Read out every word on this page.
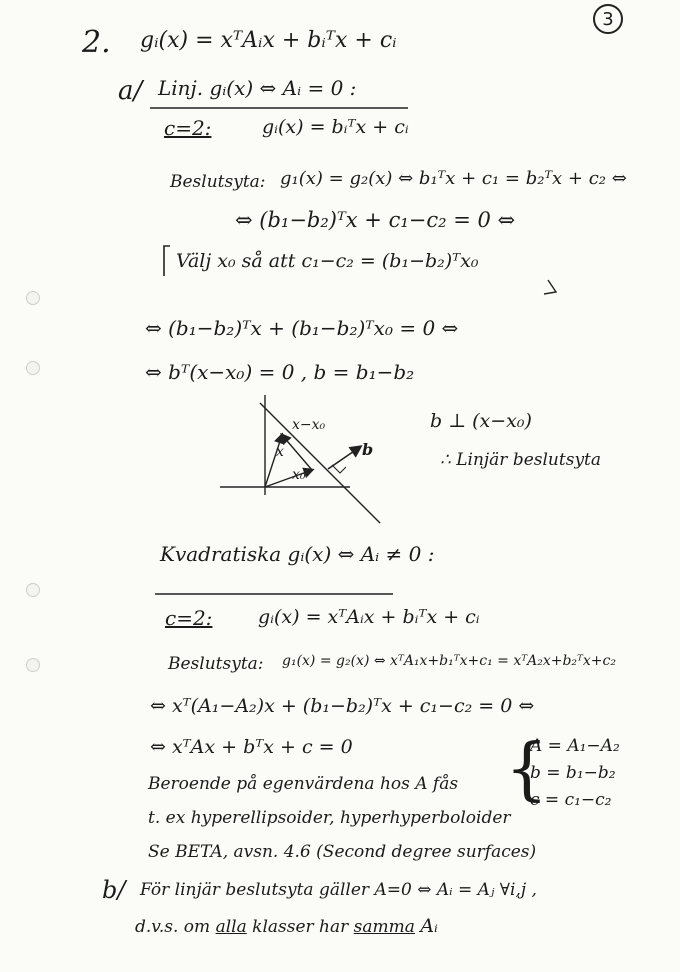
3
2. gᵢ(x) = xᵀAᵢx + bᵢᵀx + cᵢ
a/ Linj. gᵢ(x) ⇔ Aᵢ = 0 :
c=2:	gᵢ(x) = bᵢᵀx + cᵢ
Beslutsyta: g₁(x) = g₂(x) ⇔ b₁ᵀx + c₁ = b₂ᵀx + c₂ ⇔
⇔ (b₁−b₂)ᵀx + c₁−c₂ = 0 ⇔
Välj x₀ så att c₁−c₂ = (b₁−b₂)ᵀx₀
⇔ (b₁−b₂)ᵀx + (b₁−b₂)ᵀx₀ = 0 ⇔
⇔ bᵀ(x−x₀) = 0 , b = b₁−b₂
x−x₀
x
x₀
b
b ⊥ (x−x₀)
∴ Linjär beslutsyta
Kvadratiska gᵢ(x) ⇔ Aᵢ ≠ 0 :
c=2: gᵢ(x) = xᵀAᵢx + bᵢᵀx + cᵢ
Beslutsyta: g₁(x) = g₂(x) ⇔ xᵀA₁x+b₁ᵀx+c₁ = xᵀA₂x+b₂ᵀx+c₂
⇔ xᵀ(A₁−A₂)x + (b₁−b₂)ᵀx + c₁−c₂ = 0 ⇔
⇔ xᵀAx + bᵀx + c = 0 {
A = A₁−A₂
b = b₁−b₂
c = c₁−c₂
Beroende på egenvärdena hos A fås
t. ex hyperellipsoider, hyperhyperboloider
Se BETA, avsn. 4.6 (Second degree surfaces)
b/ För linjär beslutsyta gäller A=0 ⇔ Aᵢ = Aⱼ ∀i,j ,
d.v.s. om alla klasser har samma Aᵢ
